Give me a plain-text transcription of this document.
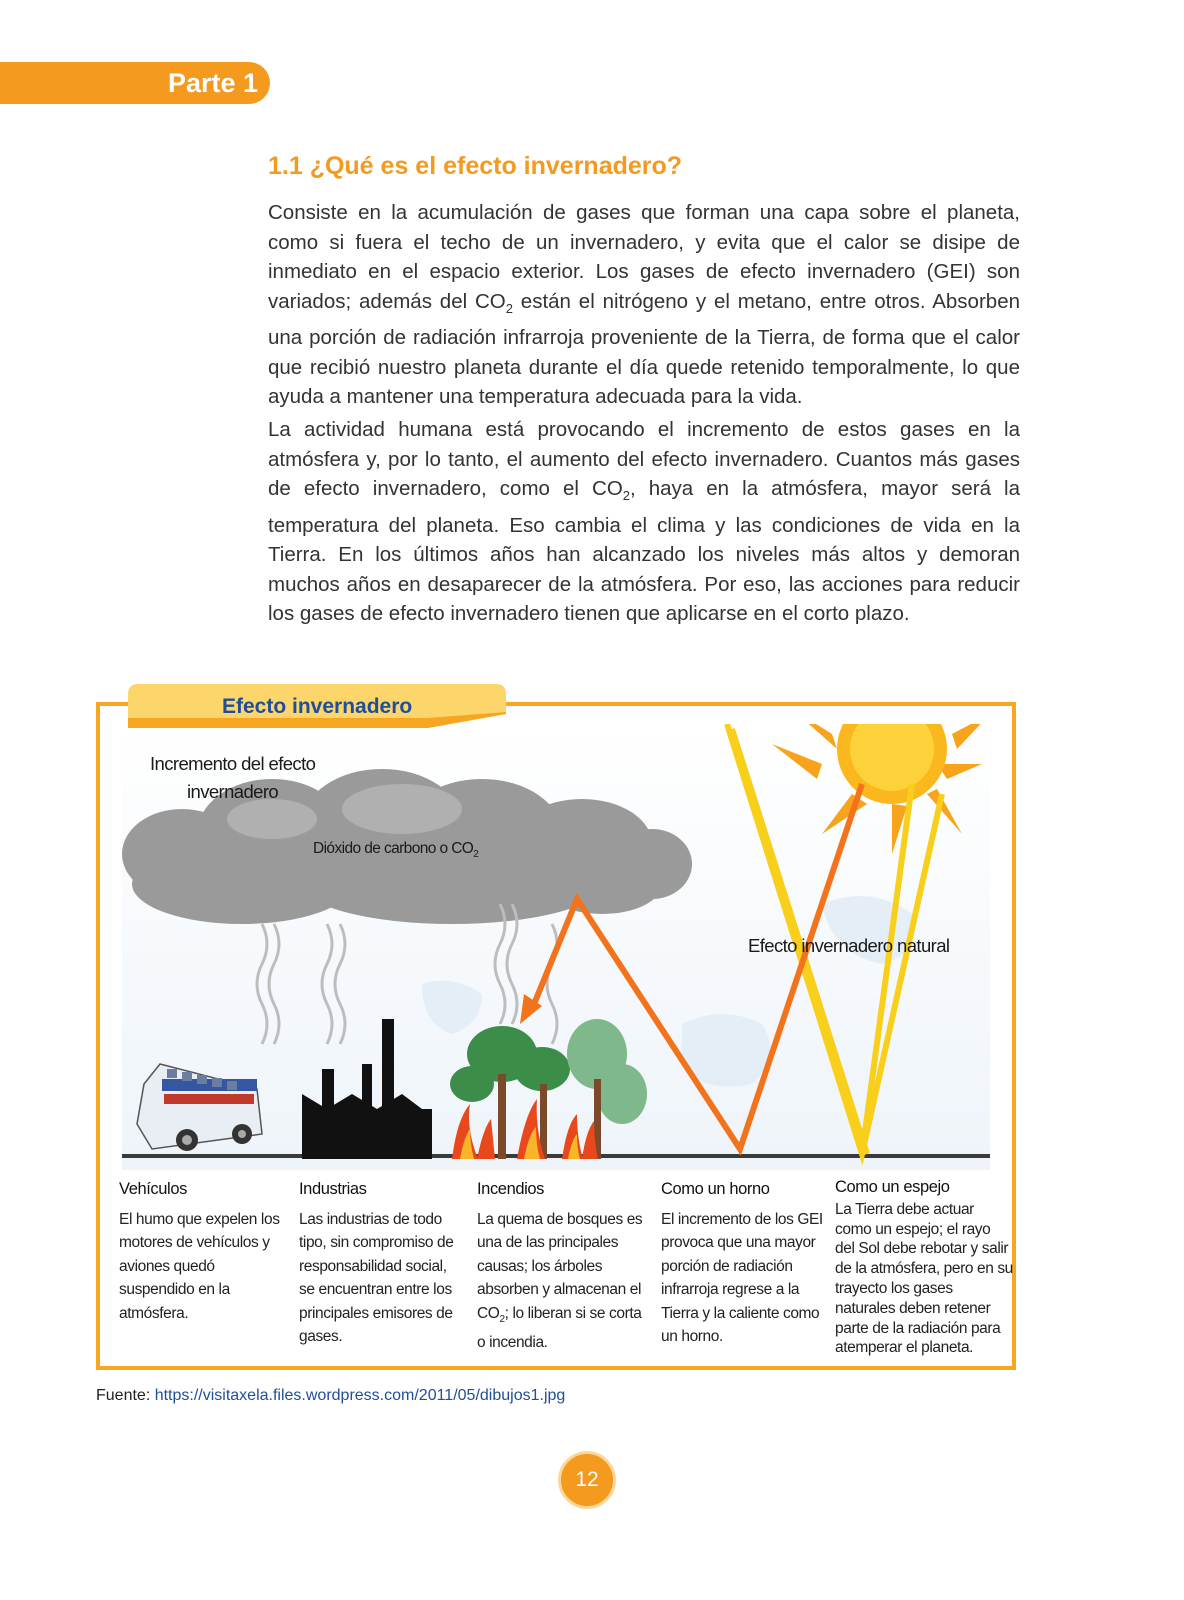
Parte 1
1.1 ¿Qué es el efecto invernadero?

Consiste en la acumulación de gases que forman una capa sobre el planeta, como si fuera el techo de un invernadero, y evita que el calor se disipe de inmediato en el espacio exterior. Los gases de efecto invernadero (GEI) son variados; además del $CO_2$ están el nitrógeno y el metano, entre otros. Absorben una porción de radiación infrarroja proveniente de la Tierra, de forma que el calor que recibió nuestro planeta durante el día quede retenido temporalmente, lo que ayuda a mantener una temperatura adecuada para la vida.

La actividad humana está provocando el incremento de estos gases en la atmósfera y, por lo tanto, el aumento del efecto invernadero. Cuantos más gases de efecto invernadero, como el $CO_2$, haya en la atmósfera, mayor será la temperatura del planeta. Eso cambia el clima y las condiciones de vida en la Tierra. En los últimos años han alcanzado los niveles más altos y demoran muchos años en desaparecer de la atmósfera. Por eso, las acciones para reducir los gases de efecto invernadero tienen que aplicarse en el corto plazo.

Efecto invernadero
Incremento del efecto
invernadero
Dióxido de carbono o $CO_2$
Efecto invernadero natural
Vehículos

El humo que expelen los motores de vehículos y aviones quedó suspendido en la atmósfera.

Industrias

Las industrias de todo tipo, sin compromiso de responsabilidad social, se encuentran entre los principales emisores de gases.

Incendios

La quema de bosques es una de las principales causas; los árboles absorben y almacenan el $CO_2$; lo liberan si se corta o incendia.

Como un horno

El incremento de los GEI provoca que una mayor porción de radiación infrarroja regrese a la Tierra y la caliente como un horno.

Como un espejo

La Tierra debe actuar como un espejo; el rayo del Sol debe rebotar y salir de la atmósfera, pero en su trayecto los gases naturales deben retener parte de la radiación para atemperar el planeta.

Fuente: https://visitaxela.files.wordpress.com/2011/05/dibujos1.jpg
12
